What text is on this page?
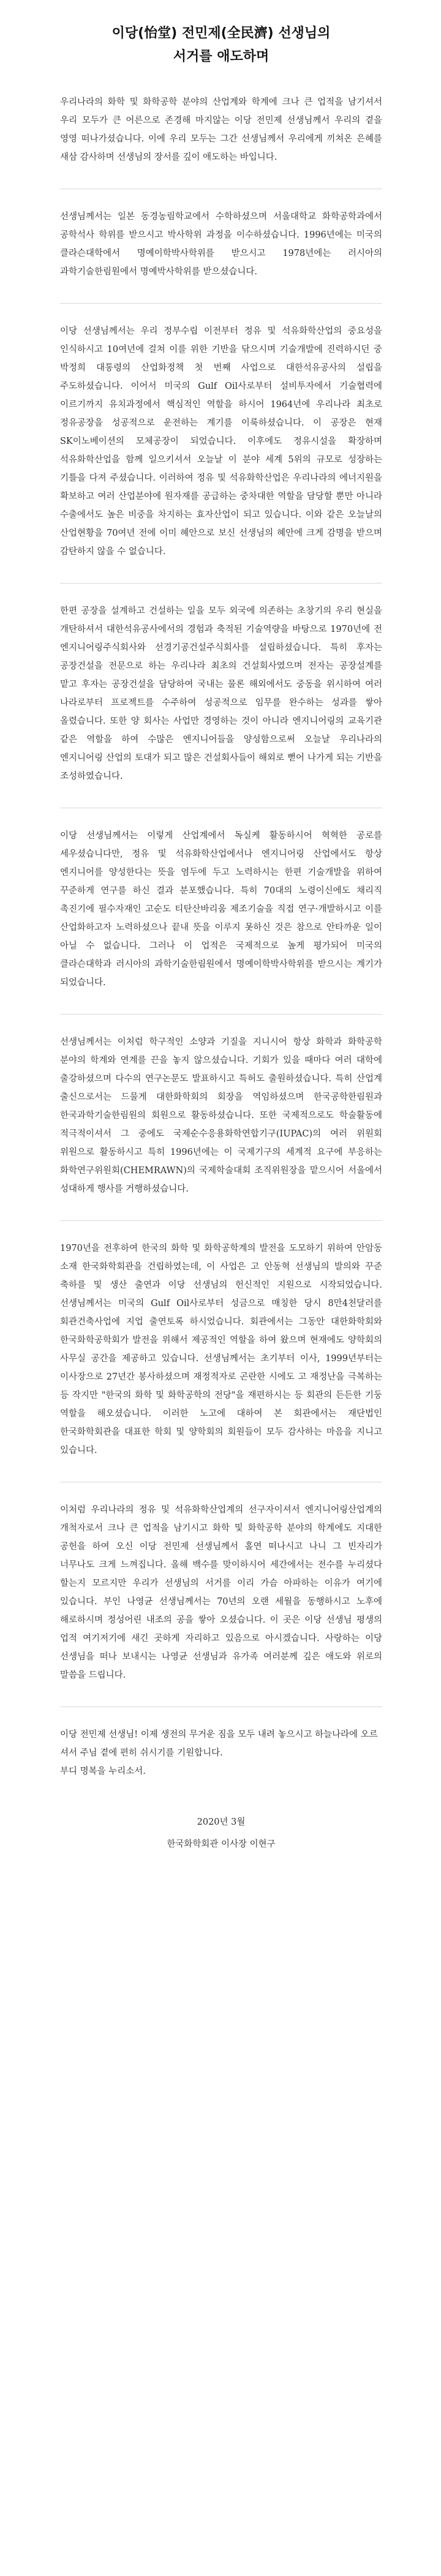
이당(怡堂) 전민제(全民濟) 선생님의
서거를 애도하며

우리나라의 화학 및 화학공학 분야의 산업계와 학계에 크나 큰 업적을 남기셔서 우리 모두가 큰 어른으로 존경해 마지않는 이당 전민제 선생님께서 우리의 곁을 영영 떠나가셨습니다. 이에 우리 모두는 그간 선생님께서 우리에게 끼쳐온 은혜를 새삼 감사하며 선생님의 장서를 깊이 애도하는 바입니다.

선생님께서는 일본 동경농림학교에서 수학하셨으며 서울대학교 화학공학과에서 공학석사 학위를 받으시고 박사학위 과정을 이수하셨습니다. 1996년에는 미국의 클라슨대학에서 명예이학박사학위를 받으시고 1978년에는 러시아의 과학기술한림원에서 명예박사학위를 받으셨습니다.

이당 선생님께서는 우리 정부수립 이전부터 정유 및 석유화학산업의 중요성을 인식하시고 10여년에 걸쳐 이를 위한 기반을 닦으시며 기술개발에 진력하시던 중 박정희 대통령의 산업화정책 첫 번째 사업으로 대한석유공사의 설립을 주도하셨습니다. 이어서 미국의 Gulf Oil사로부터 설비투자에서 기술협력에 이르기까지 유치과정에서 핵심적인 역할을 하시어 1964년에 우리나라 최초로 정유공장을 성공적으로 운전하는 계기를 이룩하셨습니다. 이 공장은 현재 SK이노베이션의 모체공장이 되었습니다. 이후에도 정유시설을 확장하며 석유화학산업을 함께 일으키셔서 오늘날 이 분야 세계 5위의 규모로 성장하는 기틀을 다져 주셨습니다. 이러하여 정유 및 석유화학산업은 우리나라의 에너지원을 확보하고 여러 산업분야에 원자재를 공급하는 중차대한 역할을 담당할 뿐만 아니라 수출에서도 높은 비중을 차지하는 효자산업이 되고 있습니다. 이와 같은 오늘날의 산업현황을 70여년 전에 이미 혜안으로 보신 선생님의 혜안에 크게 감명을 받으며 감탄하지 않을 수 없습니다.

한편 공장을 설계하고 건설하는 일을 모두 외국에 의존하는 초창기의 우리 현실을 개탄하셔서 대한석유공사에서의 경험과 축적된 기술역량을 바탕으로 1970년에 전 엔지니어링주식회사와 선경기공건설주식회사를 설립하셨습니다. 특히 후자는 공장건설을 전문으로 하는 우리나라 최초의 건설회사였으며 전자는 공장설계를 맡고 후자는 공장건설을 담당하여 국내는 물론 해외에서도 중동을 위시하여 여러 나라로부터 프로젝트를 수주하여 성공적으로 임무를 완수하는 성과를 쌓아 올렸습니다. 또한 양 회사는 사업만 경영하는 것이 아니라 엔지니어링의 교육기관 같은 역할을 하여 수많은 엔지니어들을 양성함으로써 오늘날 우리나라의 엔지니어링 산업의 토대가 되고 많은 건설회사들이 해외로 뻗어 나가게 되는 기반을 조성하였습니다.

이당 선생님께서는 이렇게 산업계에서 독실케 활동하시어 혁혁한 공로를 세우셨습니다만, 정유 및 석유화학산업에서나 엔지니어링 산업에서도 항상 엔지니어를 양성한다는 뜻을 염두에 두고 노력하시는 한편 기술개발을 위하여 꾸준하게 연구를 하신 결과 분포했습니다. 특히 70대의 노령이신에도 채리직 촉진기에 필수자재인 고순도 티탄산바리움 제조기술을 직접 연구·개발하시고 이를 산업화하고자 노력하셨으나 끝내 뜻을 이루지 못하신 것은 참으로 안타까운 일이 아닐 수 없습니다. 그러나 이 업적은 국제적으로 높게 평가되어 미국의 클라슨대학과 러시아의 과학기술한림원에서 명예이학박사학위를 받으시는 계기가 되었습니다.

선생님께서는 이처럼 학구적인 소양과 기질을 지니시어 항상 화학과 화학공학 분야의 학계와 연계를 끈을 놓지 않으셨습니다. 기회가 있을 때마다 여러 대학에 출강하셨으며 다수의 연구논문도 발표하시고 특허도 출원하셨습니다. 특히 산업계 출신으로서는 드물게 대한화학회의 회장을 역임하셨으며 한국공학한림원과 한국과학기술한림원의 회원으로 활동하셨습니다. 또한 국제적으로도 학술활동에 적극적이셔서 그 중에도 국제순수응용화학연합기구(IUPAC)의 여러 위원회 위원으로 활동하시고 특히 1996년에는 이 국제기구의 세계적 요구에 부응하는 화학연구위원회(CHEMRAWN)의 국제학술대회 조직위원장을 맡으시어 서울에서 성대하게 행사를 거행하셨습니다.

1970년을 전후하여 한국의 화학 및 화학공학계의 발전을 도모하기 위하여 안암동 소재 한국화학회관을 건립하였는데, 이 사업은 고 안동혁 선생님의 발의와 꾸준 축하를 및 생산 출연과 이당 선생님의 헌신적인 지원으로 시작되었습니다. 선생님께서는 미국의 Gulf Oil사로부터 성금으로 매칭한 당시 8만4천달러를 회관건축사업에 지업 출연토록 하시었습니다. 회관에서는 그동안 대한화학회와 한국화학공학회가 발전을 위해서 제공적인 역할을 하여 왔으며 현재에도 양학회의 사무실 공간을 제공하고 있습니다. 선생님께서는 초기부터 이사, 1999년부터는 이사장으로 27년간 봉사하셨으며 재정적자로 곤란한 시에도 고 재정난을 극복하는 등 작지만 "한국의 화학 및 화학공학의 전당"을 재편하시는 등 회관의 든든한 기둥 역할을 해오셨습니다. 이러한 노고에 대하여 본 회관에서는 재단법인 한국화학회관을 대표한 학회 및 양학회의 회원들이 모두 감사하는 마음을 지니고 있습니다.

이처럼 우리나라의 정유 및 석유화학산업계의 선구자이셔서 엔지니어링산업계의 개척자로서 크나 큰 업적을 남기시고 화학 및 화학공학 분야의 학계에도 지대한 공헌을 하여 오신 이당 전민제 선생님께서 홀연 떠나시고 나니 그 빈자리가 너무나도 크게 느껴집니다. 올해 백수를 맞이하시어 세간에서는 전수를 누리셨다 할는지 모르지만 우리가 선생님의 서거를 이리 가슴 아파하는 이유가 여기에 있습니다. 부인 나영균 선생님께서는 70년의 오랜 세월을 동행하시고 노후에 해로하시며 정성어린 내조의 공을 쌓아 오셨습니다. 이 곳은 이당 선생님 평생의 업적 여기저기에 새긴 곳하게 자리하고 있음으로 아시겠습니다. 사랑하는 이당 선생님을 떠나 보내시는 나영균 선생님과 유가족 여러분께 깊은 애도와 위로의 말씀을 드립니다.

이당 전민제 선생님! 이제 생전의 무거운 짐을 모두 내려 놓으시고 하늘나라에 오르셔서 주님 곁에 편히 쉬시기를 기원합니다.

부디 명복을 누리소서.

2020년 3월

한국화학회관 이사장 이현구
